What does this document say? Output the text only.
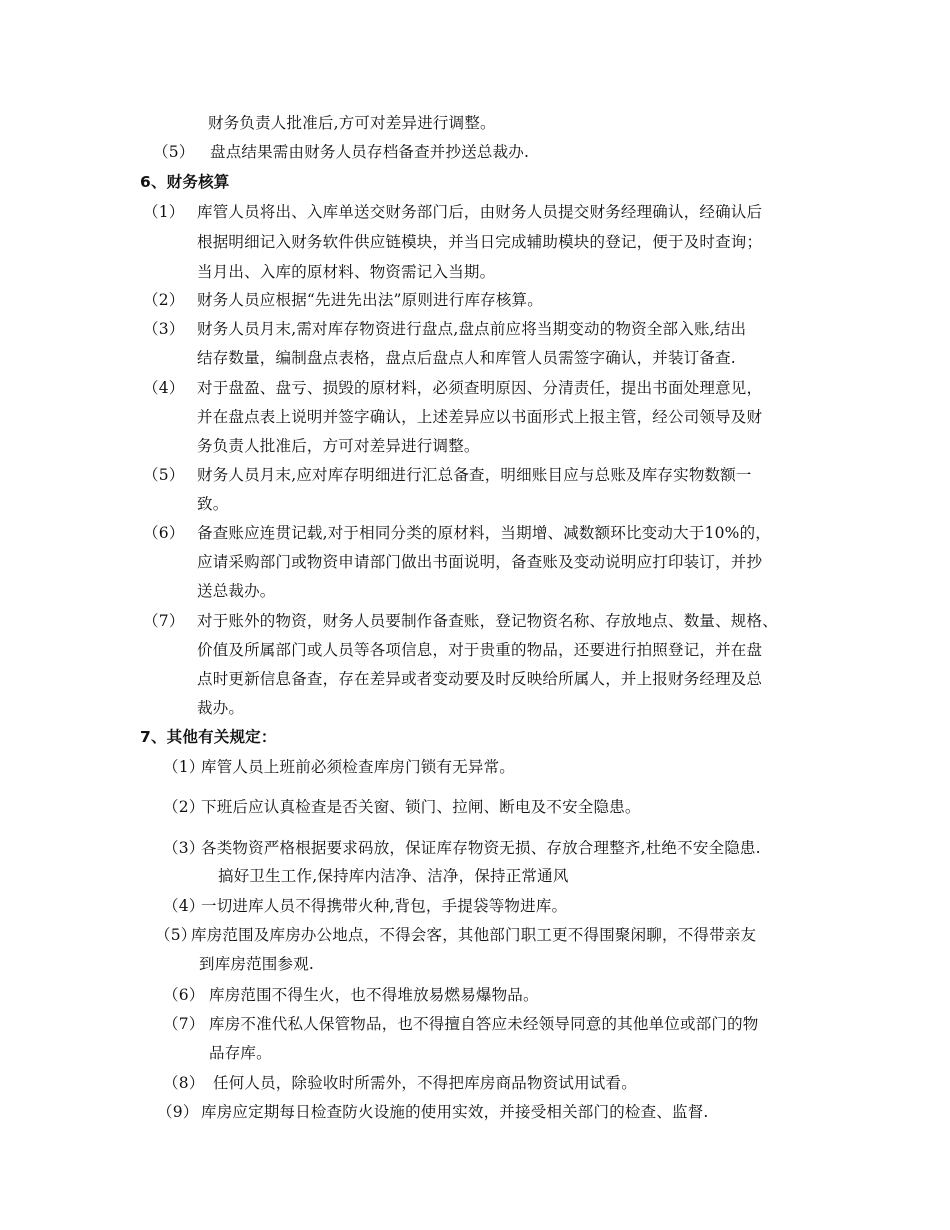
财务负责人批准后,方可对差异进行调整。
（5） 盘点结果需由财务人员存档备查并抄送总裁办.
6、财务核算
（1） 库管人员将出、入库单送交财务部门后，由财务人员提交财务经理确认，经确认后
根据明细记入财务软件供应链模块，并当日完成辅助模块的登记，便于及时查询；
当月出、入库的原材料、物资需记入当期。
（2） 财务人员应根据“先进先出法”原则进行库存核算。
（3） 财务人员月末,需对库存物资进行盘点,盘点前应将当期变动的物资全部入账,结出
结存数量，编制盘点表格，盘点后盘点人和库管人员需签字确认，并装订备查.
（4） 对于盘盈、盘亏、损毁的原材料，必须查明原因、分清责任，提出书面处理意见，
并在盘点表上说明并签字确认，上述差异应以书面形式上报主管，经公司领导及财
务负责人批准后，方可对差异进行调整。
（5） 财务人员月末,应对库存明细进行汇总备查，明细账目应与总账及库存实物数额一
致。
（6） 备查账应连贯记载,对于相同分类的原材料，当期增、减数额环比变动大于10%的，
应请采购部门或物资申请部门做出书面说明，备查账及变动说明应打印装订，并抄
送总裁办。
（7） 对于账外的物资，财务人员要制作备查账，登记物资名称、存放地点、数量、规格、
价值及所属部门或人员等各项信息，对于贵重的物品，还要进行拍照登记，并在盘
点时更新信息备查，存在差异或者变动要及时反映给所属人，并上报财务经理及总
裁办。
7、其他有关规定：
（1）
库管人员上班前必须检查库房门锁有无异常。
（2）
下班后应认真检查是否关窗、锁门、拉闸、断电及不安全隐患。
（3）
各类物资严格根据要求码放，保证库存物资无损、存放合理整齐,杜绝不安全隐患.
搞好卫生工作,保持库内洁净、洁净，保持正常通风
（4）
一切进库人员不得携带火种,背包，手提袋等物进库。
（5）
库房范围及库房办公地点，不得会客，其他部门职工更不得围聚闲聊，不得带亲友
到库房范围参观.
（6） 库房范围不得生火，也不得堆放易燃易爆物品。
（7） 库房不准代私人保管物品，也不得擅自答应未经领导同意的其他单位或部门的物
品存库。
（8） 任何人员，除验收时所需外，不得把库房商品物资试用试看。
（9） 库房应定期每日检查防火设施的使用实效，并接受相关部门的检查、监督.
